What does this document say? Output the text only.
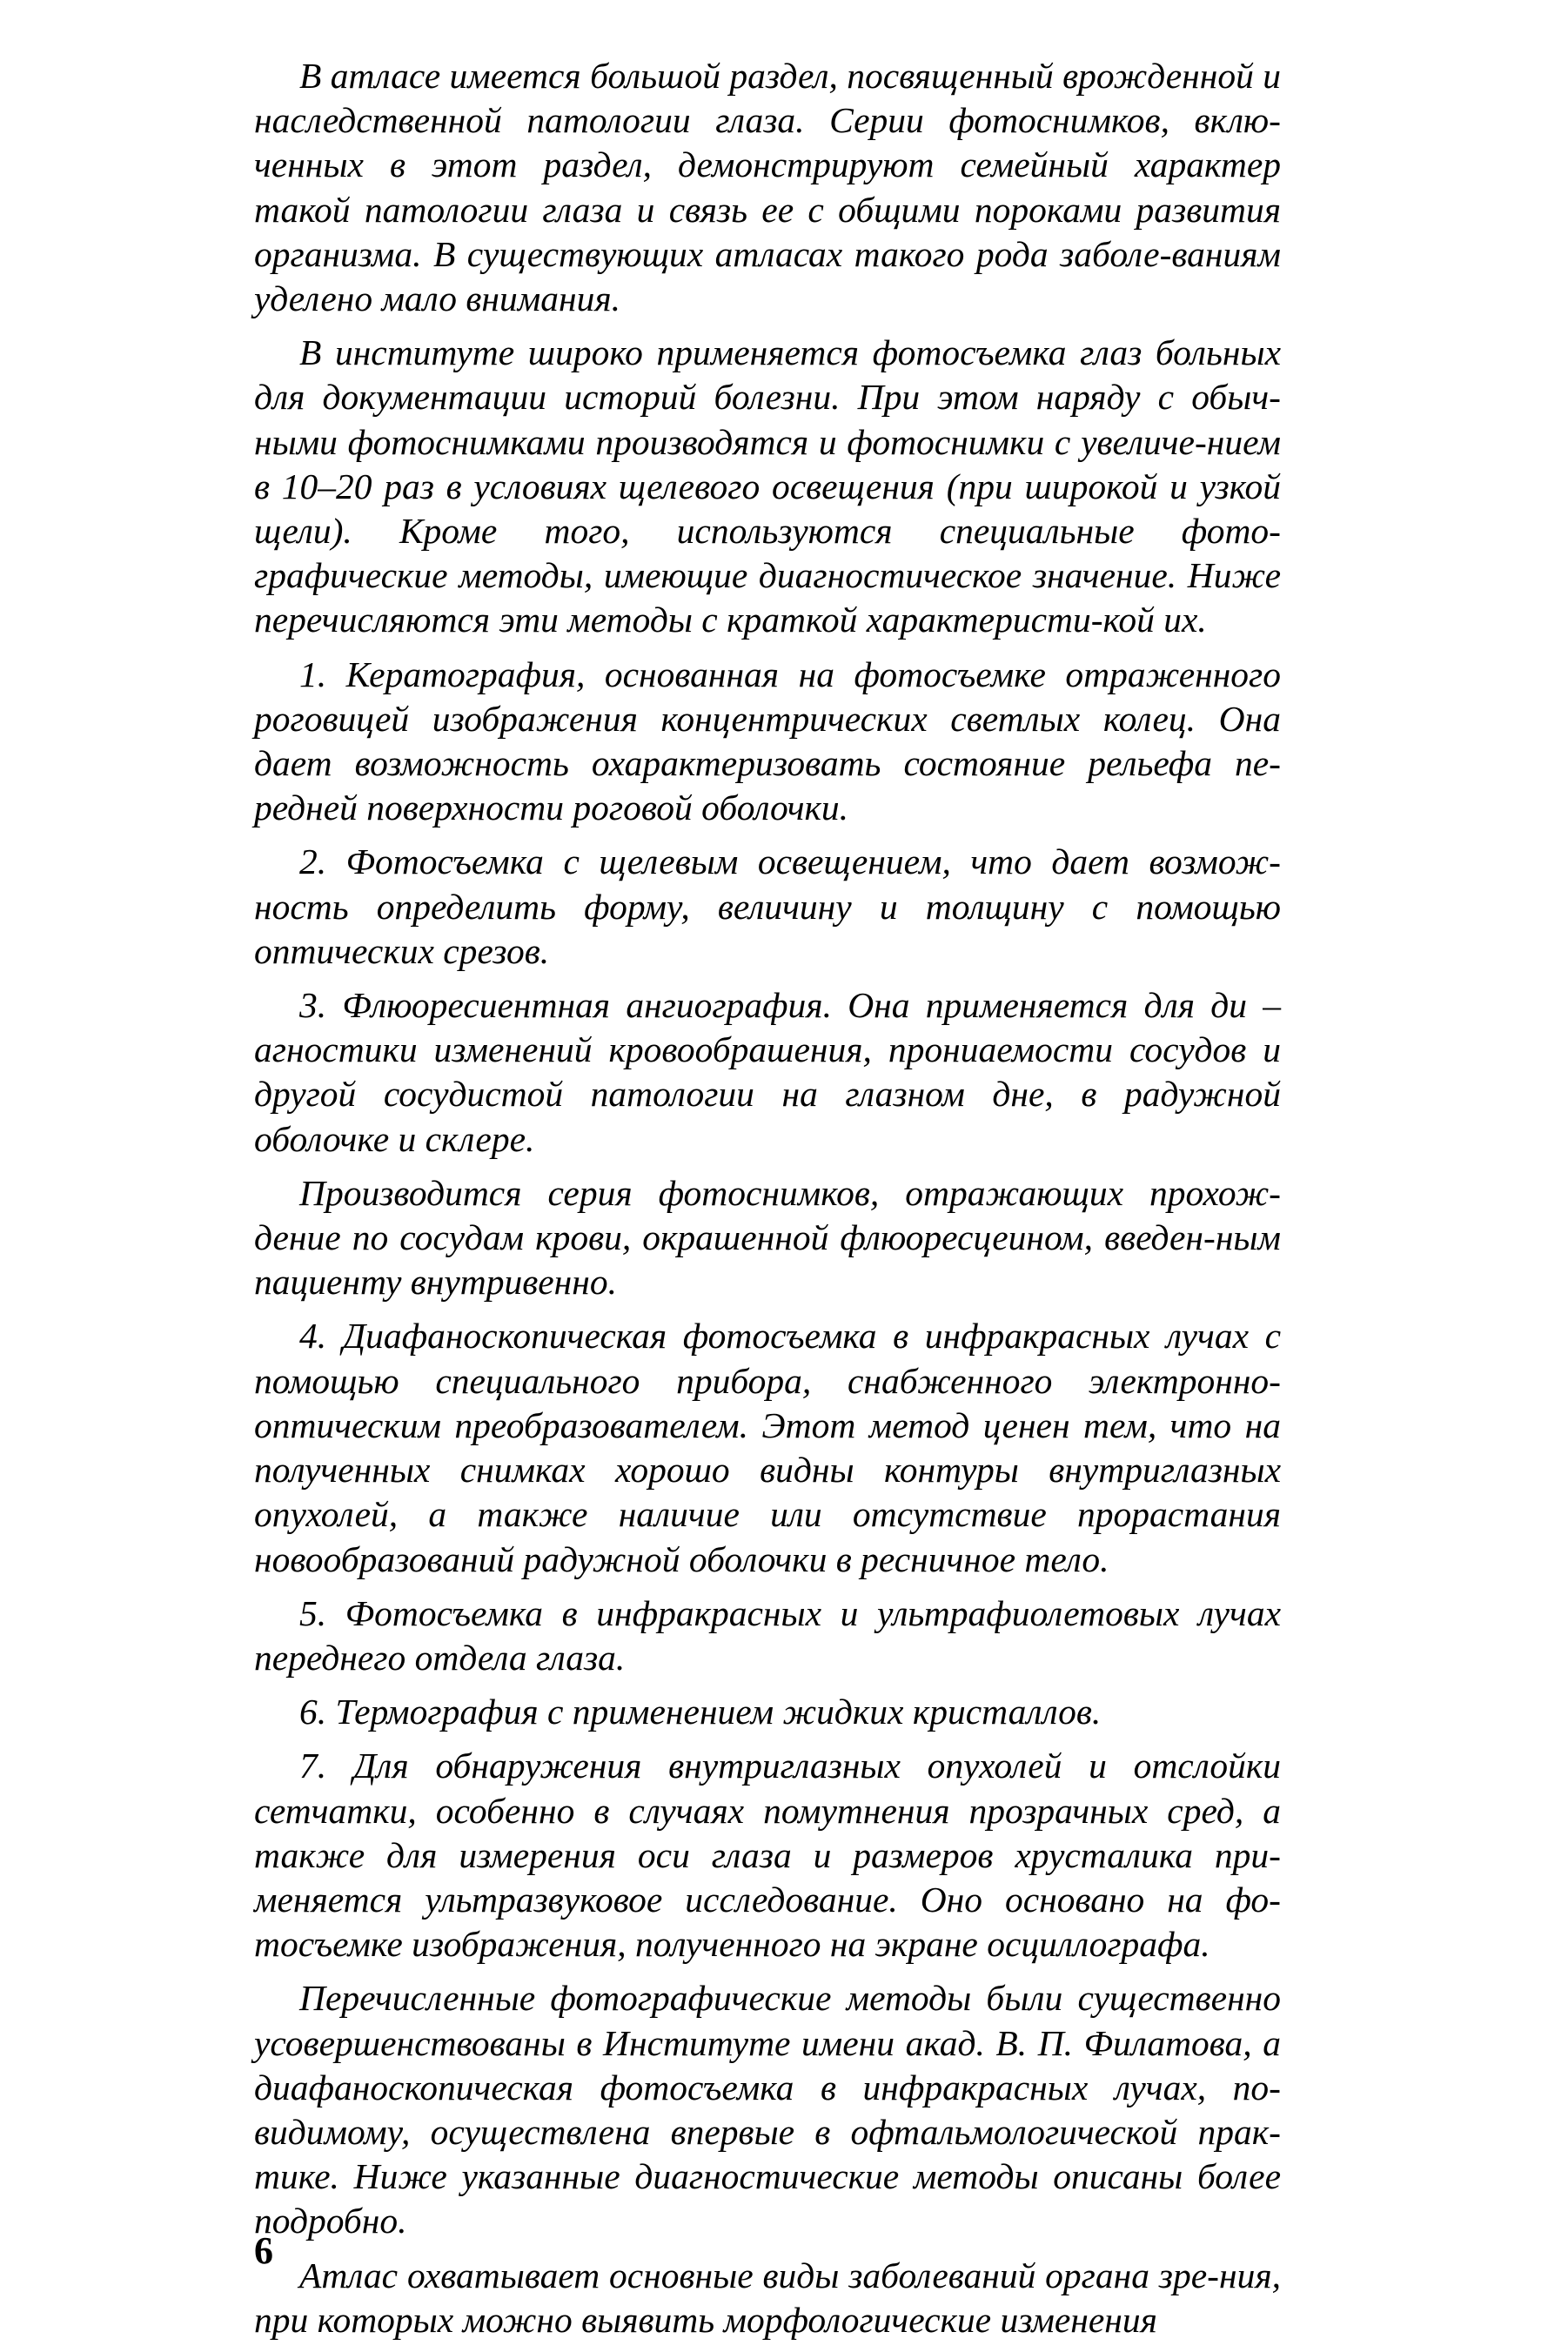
В атласе имеется большой раздел, посвященный врожденной и наследственной патологии глаза. Серии фотоснимков, вклю-ченных в этот раздел, демонстрируют семейный характер такой патологии глаза и связь ее с общими пороками развития организма. В существующих атласах такого рода заболе-ваниям уделено мало внимания.

В институте широко применяется фотосъемка глаз больных для документации историй болезни. При этом наряду с обыч-ными фотоснимками производятся и фотоснимки с увеличе-нием в 10–20 раз в условиях щелевого освещения (при широкой и узкой щели). Кроме того, используются специальные фото-графические методы, имеющие диагностическое значение. Ниже перечисляются эти методы с краткой характеристи-кой их.

1. Кератография, основанная на фотосъемке отраженного роговицей изображения концентрических светлых колец. Она дает возможность охарактеризовать состояние рельефа пе-редней поверхности роговой оболочки.

2. Фотосъемка с щелевым освещением, что дает возмож-ность определить форму, величину и толщину с помощью оптических срезов.

3. Флюоресиентная ангиография. Она применяется для ди – агностики изменений кровообрашения, прониаемости сосудов и другой сосудистой патологии на глазном дне, в радужной оболочке и склере.

Производится серия фотоснимков, отражающих прохож-дение по сосудам крови, окрашенной флюоресцеином, введен-ным пациенту внутривенно.

4. Диафаноскопическая фотосъемка в инфракрасных лучах с помощью специального прибора, снабженного электронно-оптическим преобразователем. Этот метод ценен тем, что на полученных снимках хорошо видны контуры внутриглазных опухолей, а также наличие или отсутствие прорастания новообразований радужной оболочки в ресничное тело.

5. Фотосъемка в инфракрасных и ультрафиолетовых лучах переднего отдела глаза.

6. Термография с применением жидких кристаллов.

7. Для обнаружения внутриглазных опухолей и отслойки сетчатки, особенно в случаях помутнения прозрачных сред, а также для измерения оси глаза и размеров хрусталика при-меняется ультразвуковое исследование. Оно основано на фо-тосъемке изображения, полученного на экране осциллографа.

Перечисленные фотографические методы были существенно усовершенствованы в Институте имени акад. В. П. Филатова, а диафаноскопическая фотосъемка в инфракрасных лучах, по-видимому, осуществлена впервые в офтальмологической прак-тике. Ниже указанные диагностические методы описаны более подробно.

Атлас охватывает основные виды заболеваний органа зре-ния, при которых можно выявить морфологические изменения

6
